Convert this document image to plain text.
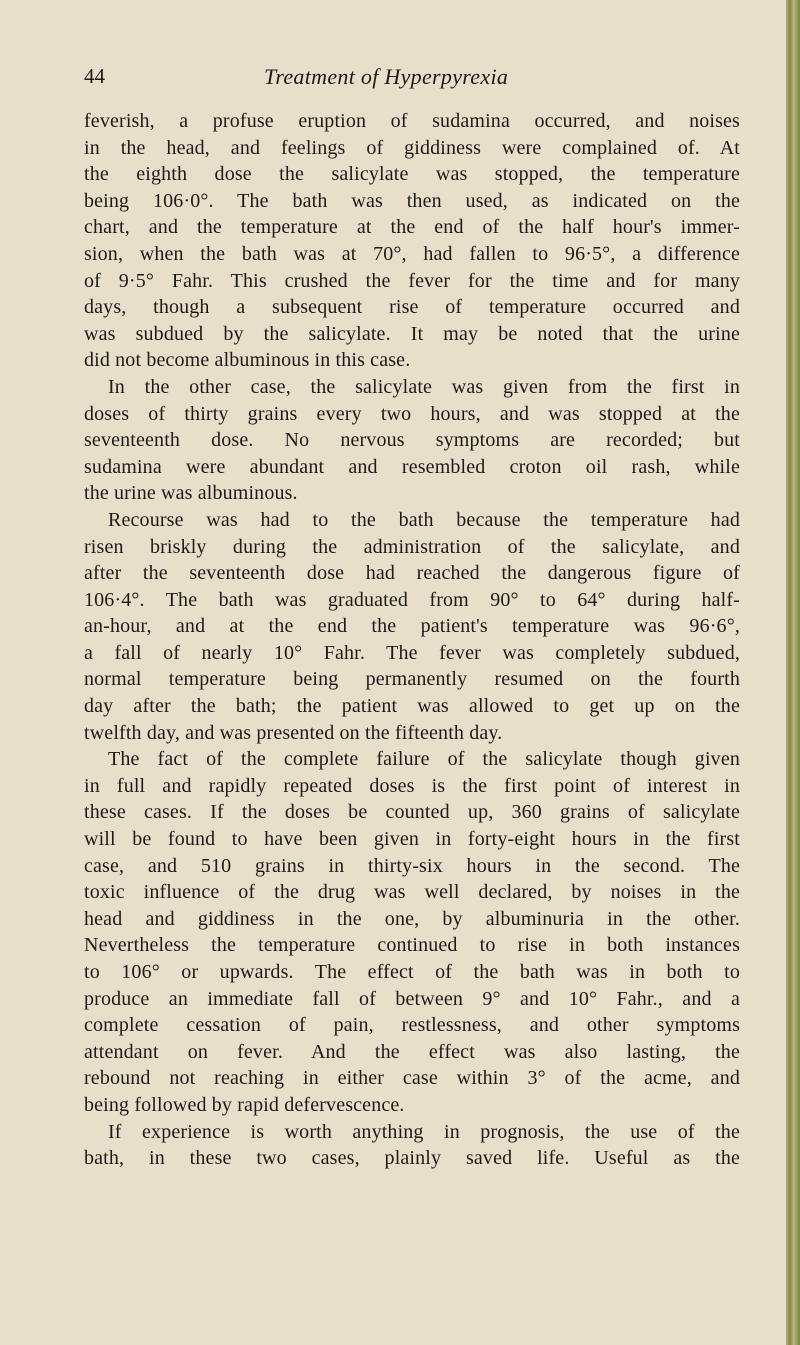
44	Treatment of Hyperpyrexia
feverish, a profuse eruption of sudamina occurred, and noises
in the head, and feelings of giddiness were complained of. At
the eighth dose the salicylate was stopped, the temperature
being 106·0°. The bath was then used, as indicated on the
chart, and the temperature at the end of the half hour's immer-
sion, when the bath was at 70°, had fallen to 96·5°, a difference
of 9·5° Fahr. This crushed the fever for the time and for many
days, though a subsequent rise of temperature occurred and
was subdued by the salicylate. It may be noted that the urine
did not become albuminous in this case.
In the other case, the salicylate was given from the first in
doses of thirty grains every two hours, and was stopped at the
seventeenth dose. No nervous symptoms are recorded; but
sudamina were abundant and resembled croton oil rash, while
the urine was albuminous.
Recourse was had to the bath because the temperature had
risen briskly during the administration of the salicylate, and
after the seventeenth dose had reached the dangerous figure of
106·4°. The bath was graduated from 90° to 64° during half-
an-hour, and at the end the patient's temperature was 96·6°,
a fall of nearly 10° Fahr. The fever was completely subdued,
normal temperature being permanently resumed on the fourth
day after the bath; the patient was allowed to get up on the
twelfth day, and was presented on the fifteenth day.
The fact of the complete failure of the salicylate though given
in full and rapidly repeated doses is the first point of interest in
these cases. If the doses be counted up, 360 grains of salicylate
will be found to have been given in forty-eight hours in the first
case, and 510 grains in thirty-six hours in the second. The
toxic influence of the drug was well declared, by noises in the
head and giddiness in the one, by albuminuria in the other.
Nevertheless the temperature continued to rise in both instances
to 106° or upwards. The effect of the bath was in both to
produce an immediate fall of between 9° and 10° Fahr., and a
complete cessation of pain, restlessness, and other symptoms
attendant on fever. And the effect was also lasting, the
rebound not reaching in either case within 3° of the acme, and
being followed by rapid defervescence.
If experience is worth anything in prognosis, the use of the
bath, in these two cases, plainly saved life. Useful as the
